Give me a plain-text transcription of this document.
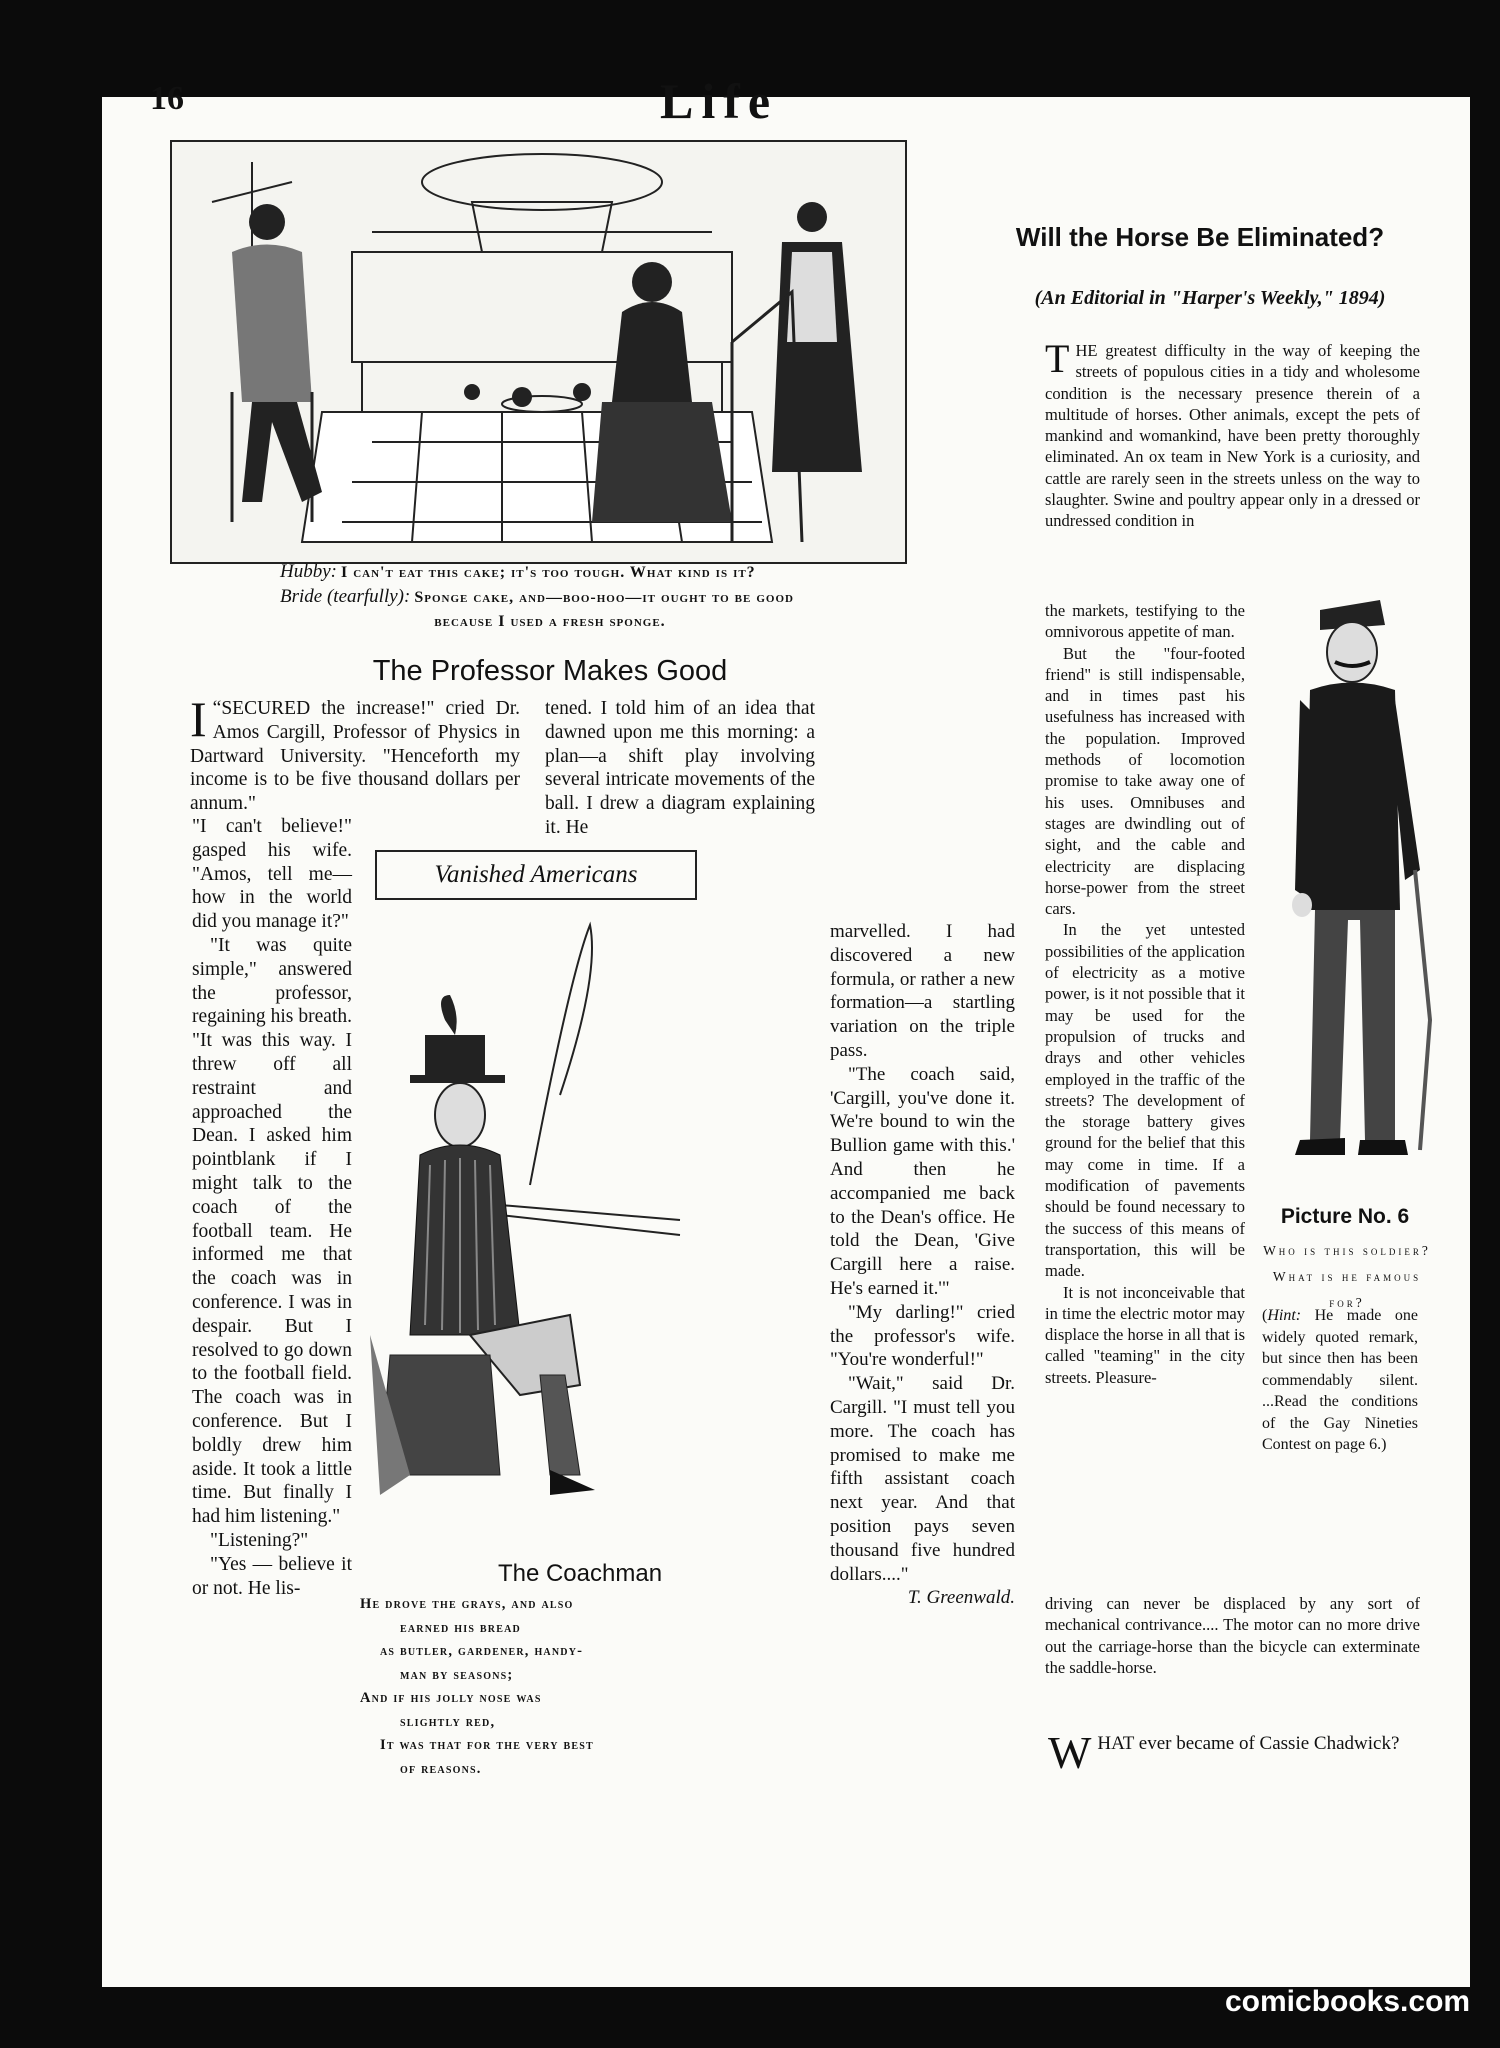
16	Life
Hubby: I can't eat this cake; it's too tough. What kind is it?
Bride (tearfully): Sponge cake, and—boo-hoo—it ought to be good
because I used a fresh sponge.
The Professor Makes Good

“
I SECURED the increase!" cried Dr. Amos Cargill, Professor of Physics in Dartward University. "Henceforth my income is to be five thousand dollars per annum."

"I can't believe!" gasped his wife. "Amos, tell me—how in the world did you manage it?"

"It was quite simple," answered the professor, regaining his breath. "It was this way. I threw off all restraint and approached the Dean. I asked him pointblank if I might talk to the coach of the football team. He informed me that the coach was in conference. I was in despair. But I resolved to go down to the football field. The coach was in conference. But I boldly drew him aside. It took a little time. But finally I had him listening."

"Listening?"

"Yes — believe it or not. He lis-

tened. I told him of an idea that dawned upon me this morning: a plan—a shift play involving several intricate movements of the ball. I drew a diagram explaining it. He

Vanished Americans
The Coachman
He drove the grays, and also
earned his bread
as butler, gardener, handy-
man by seasons;
And if his jolly nose was
slightly red,
It was that for the very best
of reasons.

marvelled. I had discovered a new formula, or rather a new formation—a startling variation on the triple pass.

"The coach said, 'Cargill, you've done it. We're bound to win the Bullion game with this.' And then he accompanied me back to the Dean's office. He told the Dean, 'Give Cargill here a raise. He's earned it.'"

"My darling!" cried the professor's wife. "You're wonderful!"

"Wait," said Dr. Cargill. "I must tell you more. The coach has promised to make me fifth assistant coach next year. And that position pays seven thousand five hundred dollars...."

T. Greenwald.
Will the Horse Be Eliminated?
(An Editorial in "Harper's Weekly," 1894)

THE greatest difficulty in the way of keeping the streets of populous cities in a tidy and wholesome condition is the necessary presence therein of a multitude of horses. Other animals, except the pets of mankind and womankind, have been pretty thoroughly eliminated. An ox team in New York is a curiosity, and cattle are rarely seen in the streets unless on the way to slaughter. Swine and poultry appear only in a dressed or undressed condition in

the markets, testifying to the omnivorous appetite of man.

But the "four-footed friend" is still indispensable, and in times past his usefulness has increased with the population. Improved methods of locomotion promise to take away one of his uses. Omnibuses and stages are dwindling out of sight, and the cable and electricity are displacing horse-power from the street cars.

In the yet untested possibilities of the application of electricity as a motive power, is it not possible that it may be used for the propulsion of trucks and drays and other vehicles employed in the traffic of the streets? The development of the storage battery gives ground for the belief that this may come in time. If a modification of pavements should be found necessary to the success of this means of transportation, this will be made.

It is not inconceivable that in time the electric motor may displace the horse in all that is called "teaming" in the city streets. Pleasure-

driving can never be displaced by any sort of mechanical contrivance.... The motor can no more drive out the carriage-horse than the bicycle can exterminate the saddle-horse.

Picture No. 6
Who is this soldier? What is he famous for?
(Hint: He made one widely quoted remark, but since then has been commendably silent. ...Read the conditions of the Gay Nineties Contest on page 6.)
WHAT ever became of Cassie Chadwick?
comicbooks.com
